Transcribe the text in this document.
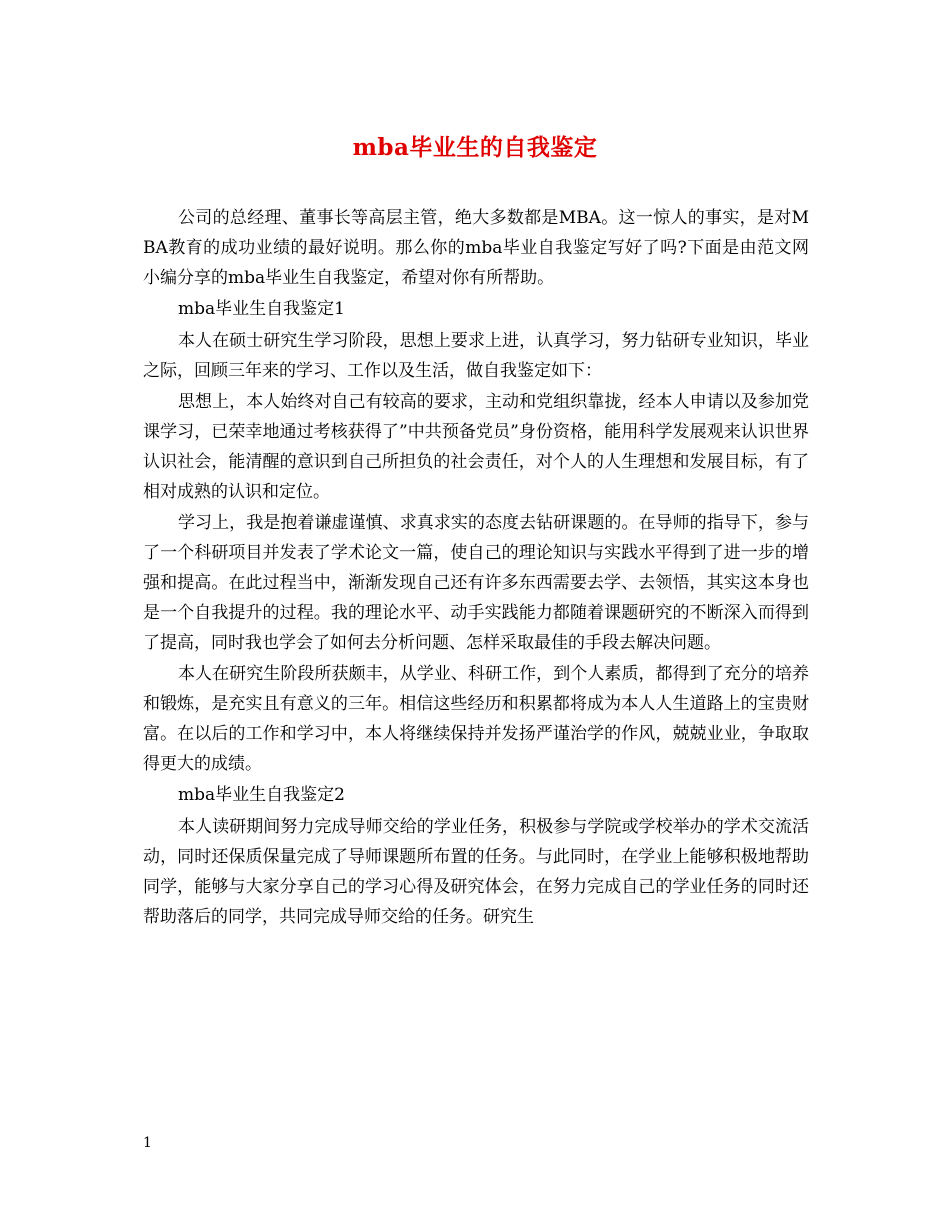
mba毕业生的自我鉴定

公司的总经理、董事长等高层主管，绝大多数都是MBA。这一惊人的事实，是对MBA教育的成功业绩的最好说明。那么你的mba毕业自我鉴定写好了吗?下面是由范文网小编分享的mba毕业生自我鉴定，希望对你有所帮助。

mba毕业生自我鉴定1

本人在硕士研究生学习阶段，思想上要求上进，认真学习，努力钻研专业知识，毕业之际，回顾三年来的学习、工作以及生活，做自我鉴定如下：

思想上，本人始终对自己有较高的要求，主动和党组织靠拢，经本人申请以及参加党课学习，已荣幸地通过考核获得了”中共预备党员”身份资格，能用科学发展观来认识世界认识社会，能清醒的意识到自己所担负的社会责任，对个人的人生理想和发展目标，有了相对成熟的认识和定位。

学习上，我是抱着谦虚谨慎、求真求实的态度去钻研课题的。在导师的指导下，参与了一个科研项目并发表了学术论文一篇，使自己的理论知识与实践水平得到了进一步的增强和提高。在此过程当中，渐渐发现自己还有许多东西需要去学、去领悟，其实这本身也是一个自我提升的过程。我的理论水平、动手实践能力都随着课题研究的不断深入而得到了提高，同时我也学会了如何去分析问题、怎样采取最佳的手段去解决问题。

本人在研究生阶段所获颇丰，从学业、科研工作，到个人素质，都得到了充分的培养和锻炼，是充实且有意义的三年。相信这些经历和积累都将成为本人人生道路上的宝贵财富。在以后的工作和学习中，本人将继续保持并发扬严谨治学的作风，兢兢业业，争取取得更大的成绩。

mba毕业生自我鉴定2

本人读研期间努力完成导师交给的学业任务，积极参与学院或学校举办的学术交流活动，同时还保质保量完成了导师课题所布置的任务。与此同时，在学业上能够积极地帮助同学，能够与大家分享自己的学习心得及研究体会，在努力完成自己的学业任务的同时还帮助落后的同学，共同完成导师交给的任务。研究生

1
